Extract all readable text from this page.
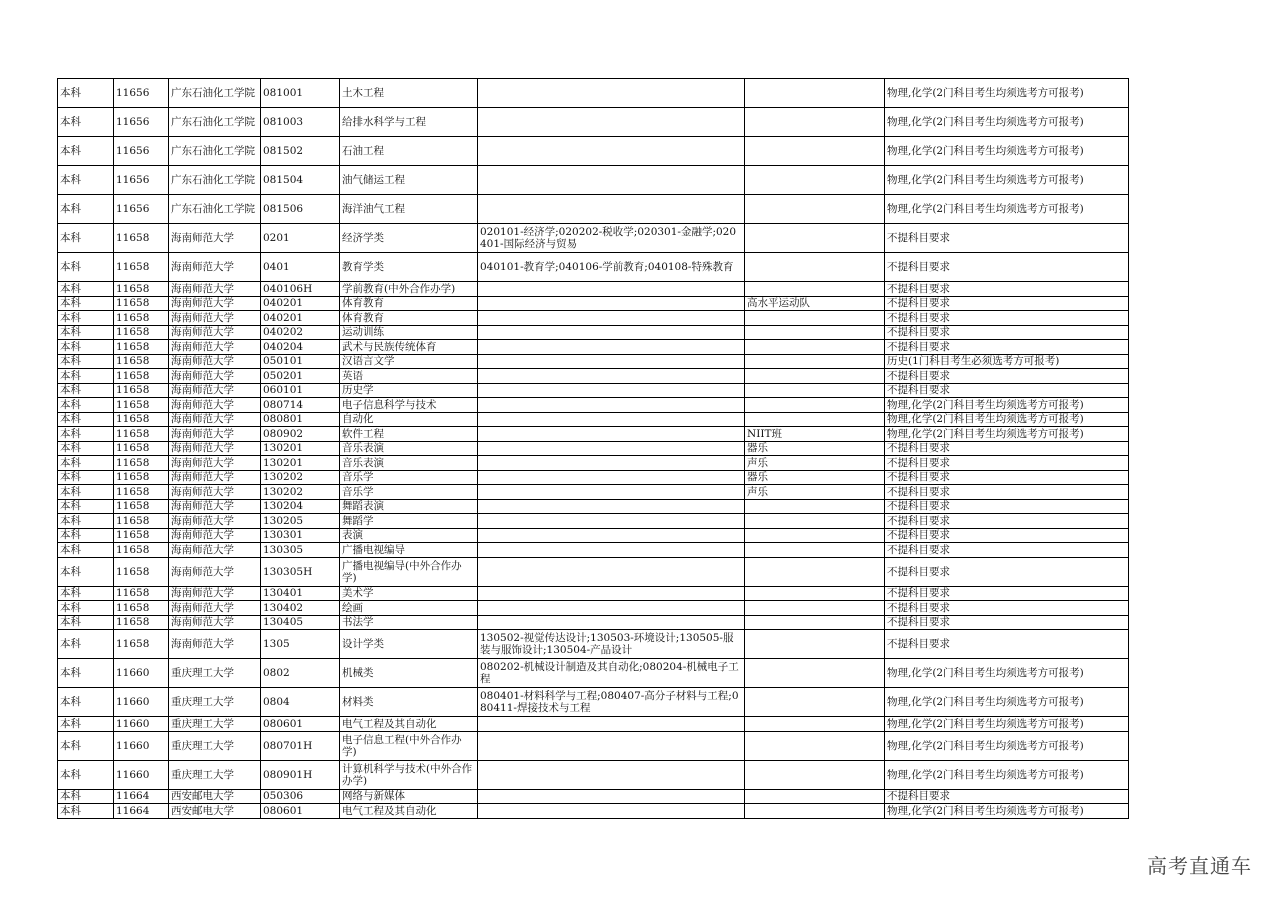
本科	11656	广东石油化工学院	081001	土木工程			物理,化学(2门科目考生均须选考方可报考)
本科	11656	广东石油化工学院	081003	给排水科学与工程			物理,化学(2门科目考生均须选考方可报考)
本科	11656	广东石油化工学院	081502	石油工程			物理,化学(2门科目考生均须选考方可报考)
本科	11656	广东石油化工学院	081504	油气储运工程			物理,化学(2门科目考生均须选考方可报考)
本科	11656	广东石油化工学院	081506	海洋油气工程			物理,化学(2门科目考生均须选考方可报考)
本科	11658	海南师范大学	0201	经济学类	020101-经济学;020202-税收学;020301-金融学;020401-国际经济与贸易		不提科目要求
本科	11658	海南师范大学	0401	教育学类	040101-教育学;040106-学前教育;040108-特殊教育		不提科目要求
本科	11658	海南师范大学	040106H	学前教育(中外合作办学)			不提科目要求
本科	11658	海南师范大学	040201	体育教育		高水平运动队	不提科目要求
本科	11658	海南师范大学	040201	体育教育			不提科目要求
本科	11658	海南师范大学	040202	运动训练			不提科目要求
本科	11658	海南师范大学	040204	武术与民族传统体育			不提科目要求
本科	11658	海南师范大学	050101	汉语言文学			历史(1门科目考生必须选考方可报考)
本科	11658	海南师范大学	050201	英语			不提科目要求
本科	11658	海南师范大学	060101	历史学			不提科目要求
本科	11658	海南师范大学	080714	电子信息科学与技术			物理,化学(2门科目考生均须选考方可报考)
本科	11658	海南师范大学	080801	自动化			物理,化学(2门科目考生均须选考方可报考)
本科	11658	海南师范大学	080902	软件工程		NIIT班	物理,化学(2门科目考生均须选考方可报考)
本科	11658	海南师范大学	130201	音乐表演		器乐	不提科目要求
本科	11658	海南师范大学	130201	音乐表演		声乐	不提科目要求
本科	11658	海南师范大学	130202	音乐学		器乐	不提科目要求
本科	11658	海南师范大学	130202	音乐学		声乐	不提科目要求
本科	11658	海南师范大学	130204	舞蹈表演			不提科目要求
本科	11658	海南师范大学	130205	舞蹈学			不提科目要求
本科	11658	海南师范大学	130301	表演			不提科目要求
本科	11658	海南师范大学	130305	广播电视编导			不提科目要求
本科	11658	海南师范大学	130305H	广播电视编导(中外合作办学)			不提科目要求
本科	11658	海南师范大学	130401	美术学			不提科目要求
本科	11658	海南师范大学	130402	绘画			不提科目要求
本科	11658	海南师范大学	130405	书法学			不提科目要求
本科	11658	海南师范大学	1305	设计学类	130502-视觉传达设计;130503-环境设计;130505-服装与服饰设计;130504-产品设计		不提科目要求
本科	11660	重庆理工大学	0802	机械类	080202-机械设计制造及其自动化;080204-机械电子工程		物理,化学(2门科目考生均须选考方可报考)
本科	11660	重庆理工大学	0804	材料类	080401-材料科学与工程;080407-高分子材料与工程;080411-焊接技术与工程		物理,化学(2门科目考生均须选考方可报考)
本科	11660	重庆理工大学	080601	电气工程及其自动化			物理,化学(2门科目考生均须选考方可报考)
本科	11660	重庆理工大学	080701H	电子信息工程(中外合作办学)			物理,化学(2门科目考生均须选考方可报考)
本科	11660	重庆理工大学	080901H	计算机科学与技术(中外合作办学)			物理,化学(2门科目考生均须选考方可报考)
本科	11664	西安邮电大学	050306	网络与新媒体			不提科目要求
本科	11664	西安邮电大学	080601	电气工程及其自动化			物理,化学(2门科目考生均须选考方可报考)
高考直通车
